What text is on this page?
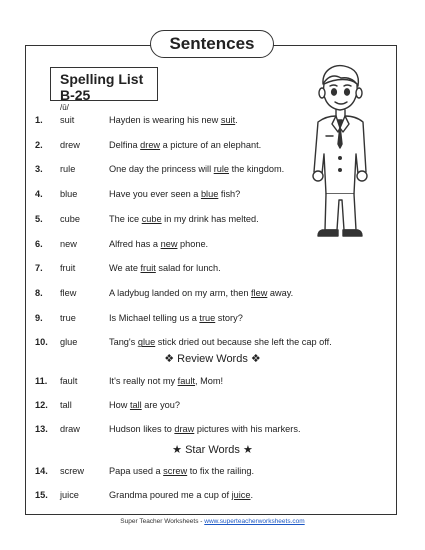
Sentences
Spelling List B-25
/ū/
1. suit	Hayden is wearing his new suit.
2. drew	Delfina drew a picture of an elephant.
3. rule	One day the princess will rule the kingdom.
4. blue	Have you ever seen a blue fish?
5. cube	The ice cube in my drink has melted.
6. new	Alfred has a new phone.
7. fruit	We ate fruit salad for lunch.
8. flew	A ladybug landed on my arm, then flew away.
9. true	Is Michael telling us a true story?
10. glue	Tang's glue stick dried out because she left the cap off.
❖ Review Words ❖
11. fault	It's really not my fault, Mom!
12. tall	How tall are you?
13. draw	Hudson likes to draw pictures with his markers.
★ Star Words ★
14. screw	Papa used a screw to fix the railing.
15. juice	Grandma poured me a cup of juice.
Super Teacher Worksheets - www.superteacherworksheets.com
